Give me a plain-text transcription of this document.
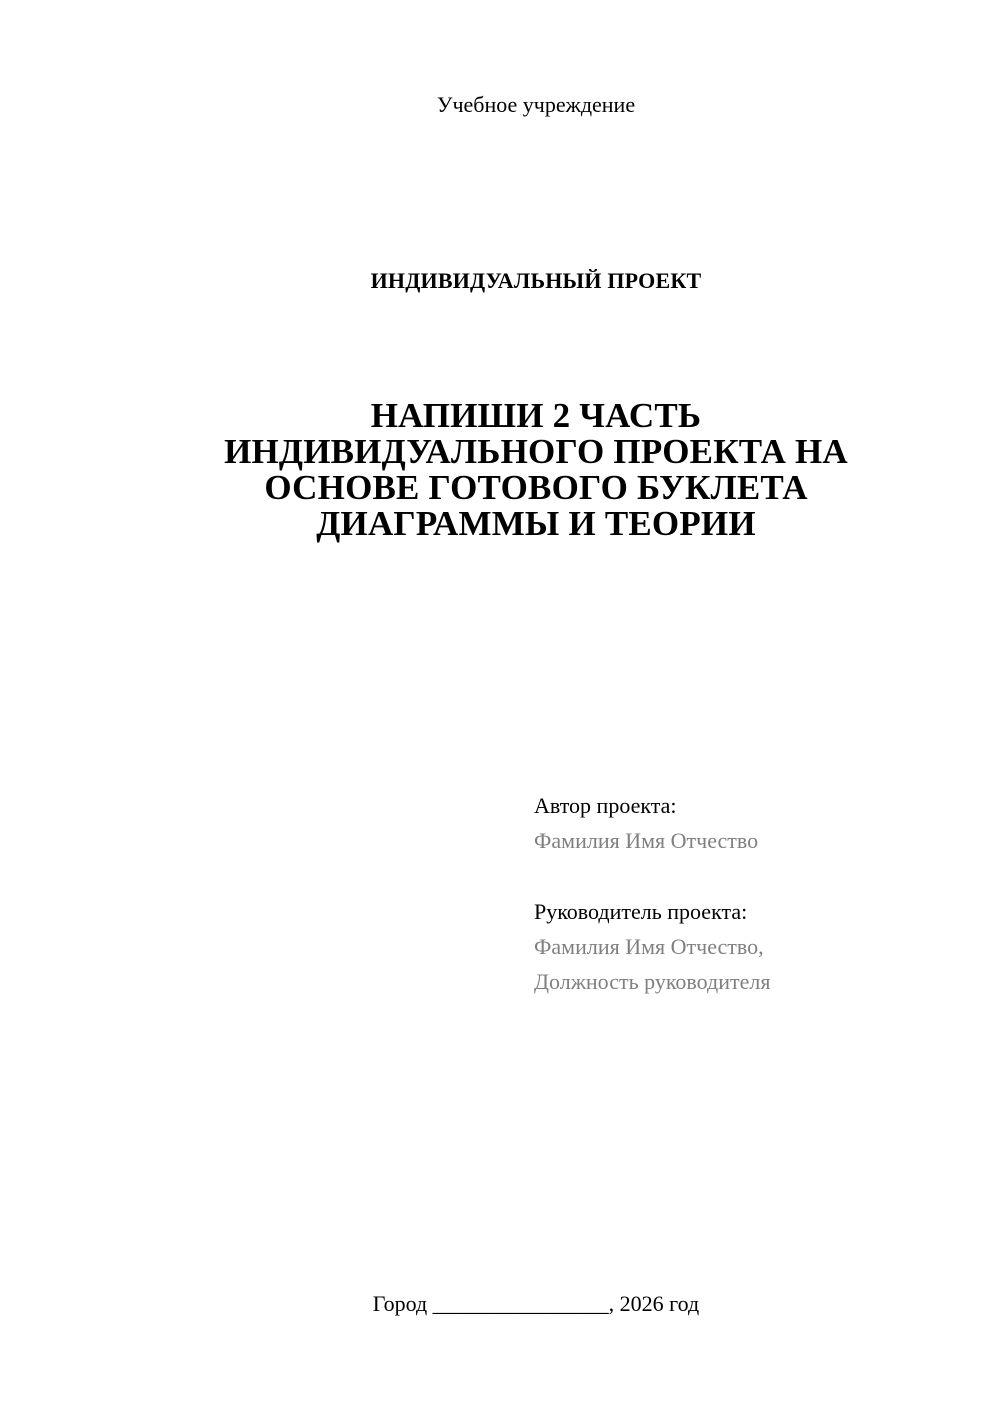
Учебное учреждение
ИНДИВИДУАЛЬНЫЙ ПРОЕКТ
НАПИШИ 2 ЧАСТЬ
ИНДИВИДУАЛЬНОГО ПРОЕКТА НА
ОСНОВЕ ГОТОВОГО БУКЛЕТА
ДИАГРАММЫ И ТЕОРИИ
Автор проекта:
Фамилия Имя Отчество
Руководитель проекта:
Фамилия Имя Отчество,
Должность руководителя
Город ________________, 2026 год
